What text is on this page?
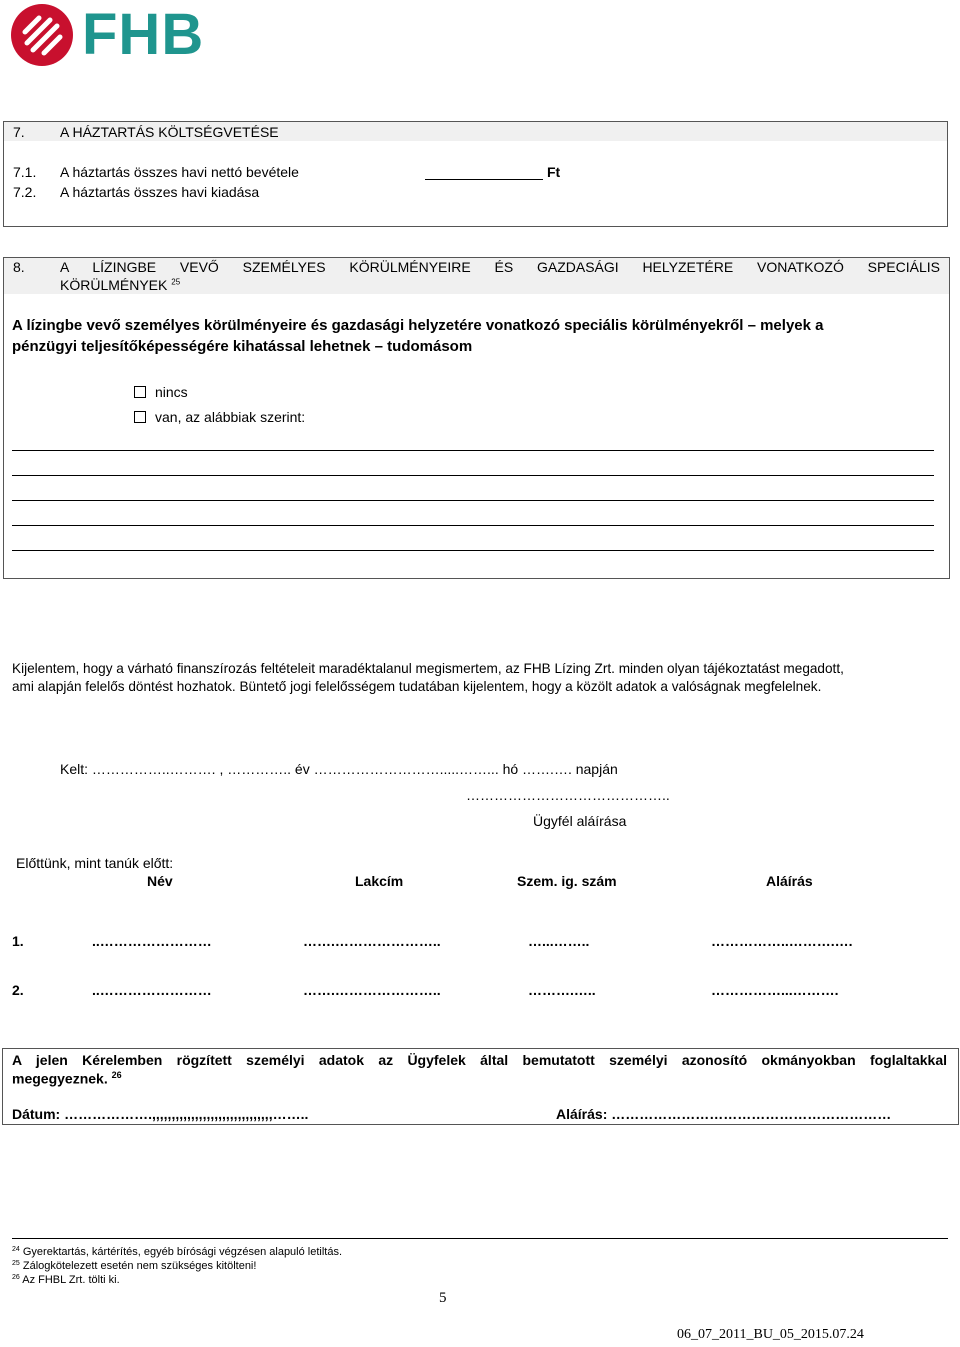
FHB
7.	A HÁZTARTÁS KÖLTSÉGVETÉSE
7.1. A háztartás összes havi nettó bevétele	Ft
7.2. A háztartás összes havi kiadása
8.	A LÍZINGBE VEVŐ SZEMÉLYES KÖRÜLMÉNYEIRE ÉS GAZDASÁGI HELYZETÉRE VONATKOZÓ SPECIÁLIS
KÖRÜLMÉNYEK $^{25}$
A lízingbe vevő személyes körülményeire és gazdasági helyzetére vonatkozó speciális körülményekről – melyek a
pénzügyi teljesítőképességére kihatással lehetnek – tudomásom
nincs
van, az alábbiak szerint:
Kijelentem, hogy a várható finanszírozás feltételeit maradéktalanul megismertem, az FHB Lízing Zrt. minden olyan tájékoztatást megadott,
ami alapján felelős döntést hozhatok. Büntető jogi felelősségem tudatában kijelentem, hogy a közölt adatok a valóságnak megfelelnek.
Kelt: ……………..………. , ………….. év ……………………….....……... hó …….…. napján
……………………………………..
Ügyfél aláírása
Előttünk, mint tanúk előtt:
Név	Lakcím	Szem. ig. szám	Aláírás
1.	..……………………	…….…………………..	…...……..	……………..……….….
2.	..……………………	…….…………………..	……….…..	……………...……….
A jelen Kérelemben rögzített személyi adatok az Ügyfelek által bemutatott személyi azonosító okmányokban foglaltakkal
megegyeznek. $^{26}$
Dátum: ……………….,,,,,,,,,,,,,,,,,,,,,,,,,,,,,,,……..	Aláírás: ……………………………………………………
$^{24}$ Gyerektartás, kártérítés, egyéb bírósági végzésen alapuló letiltás.
$^{25}$ Zálogkötelezett esetén nem szükséges kitölteni!
$^{26}$ Az FHBL Zrt. tölti ki.
5
06_07_2011_BU_05_2015.07.24
